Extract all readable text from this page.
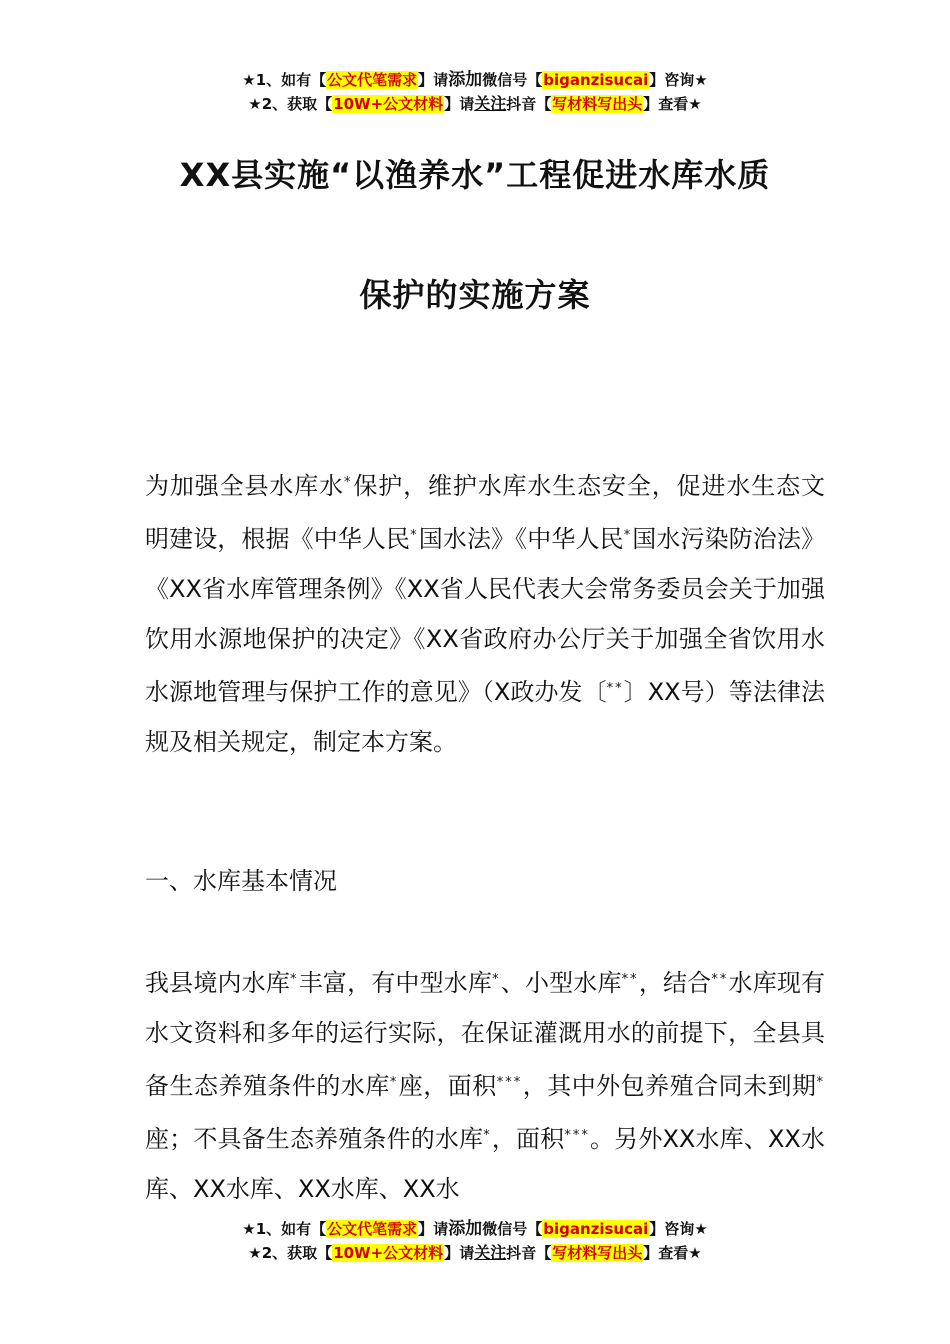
★1、如有【公文代笔需求】请添加微信号【biganzisucai】咨询★
★2、获取【10W+公文材料】请关注抖音【写材料写出头】查看★
XX县实施“以渔养水”工程促进水库水质
保护的实施方案
为加强全县水库水*保护，维护水库水生态安全，促进水生态文明建设，根据《中华人民*国水法》《中华人民*国水污染防治法》《XX省水库管理条例》《XX省人民代表大会常务委员会关于加强饮用水源地保护的决定》《XX省政府办公厅关于加强全省饮用水水源地管理与保护工作的意见》（X政办发〔**〕XX号）等法律法规及相关规定，制定本方案。
一、水库基本情况
我县境内水库*丰富，有中型水库*、小型水库**，结合**水库现有水文资料和多年的运行实际，在保证灌溉用水的前提下，全县具备生态养殖条件的水库*座，面积***，其中外包养殖合同未到期*座；不具备生态养殖条件的水库*，面积***。另外XX水库、XX水库、XX水库、XX水库、XX水
★1、如有【公文代笔需求】请添加微信号【biganzisucai】咨询★
★2、获取【10W+公文材料】请关注抖音【写材料写出头】查看★
